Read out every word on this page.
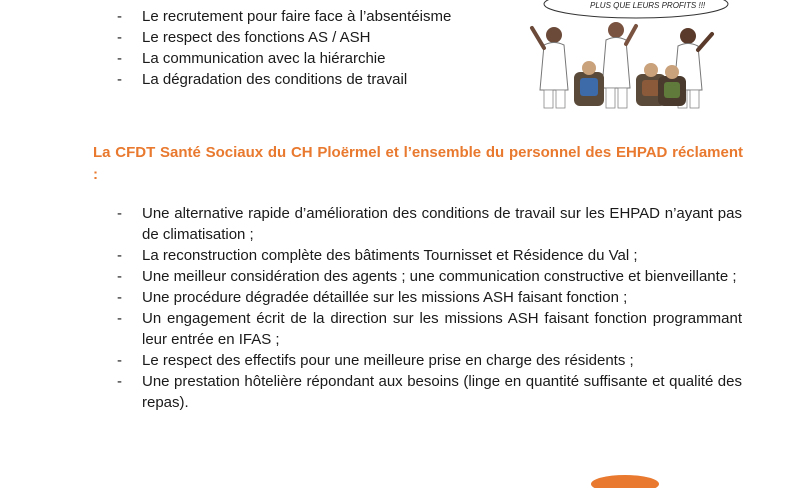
- Le recrutement pour faire face à l’absentéisme
- Le respect des fonctions AS / ASH
- La communication avec la hiérarchie
- La dégradation des conditions de travail
PLUS QUE LEURS PROFITS !!!
La CFDT Santé Sociaux du CH Ploërmel et l’ensemble du personnel des EHPAD réclament :
- Une alternative rapide d’amélioration des conditions de travail sur les EHPAD n’ayant pas de climatisation ;
- La reconstruction complète des bâtiments Tournisset et Résidence du Val ;
- Une meilleur considération des agents ; une communication constructive et bienveillante ;
- Une procédure dégradée détaillée sur les missions ASH faisant fonction ;
- Un engagement écrit de la direction sur les missions ASH faisant fonction programmant leur entrée en IFAS ;
- Le respect des effectifs pour une meilleure prise en charge des résidents ;
- Une prestation hôtelière répondant aux besoins (linge en quantité suffisante et qualité des repas).
